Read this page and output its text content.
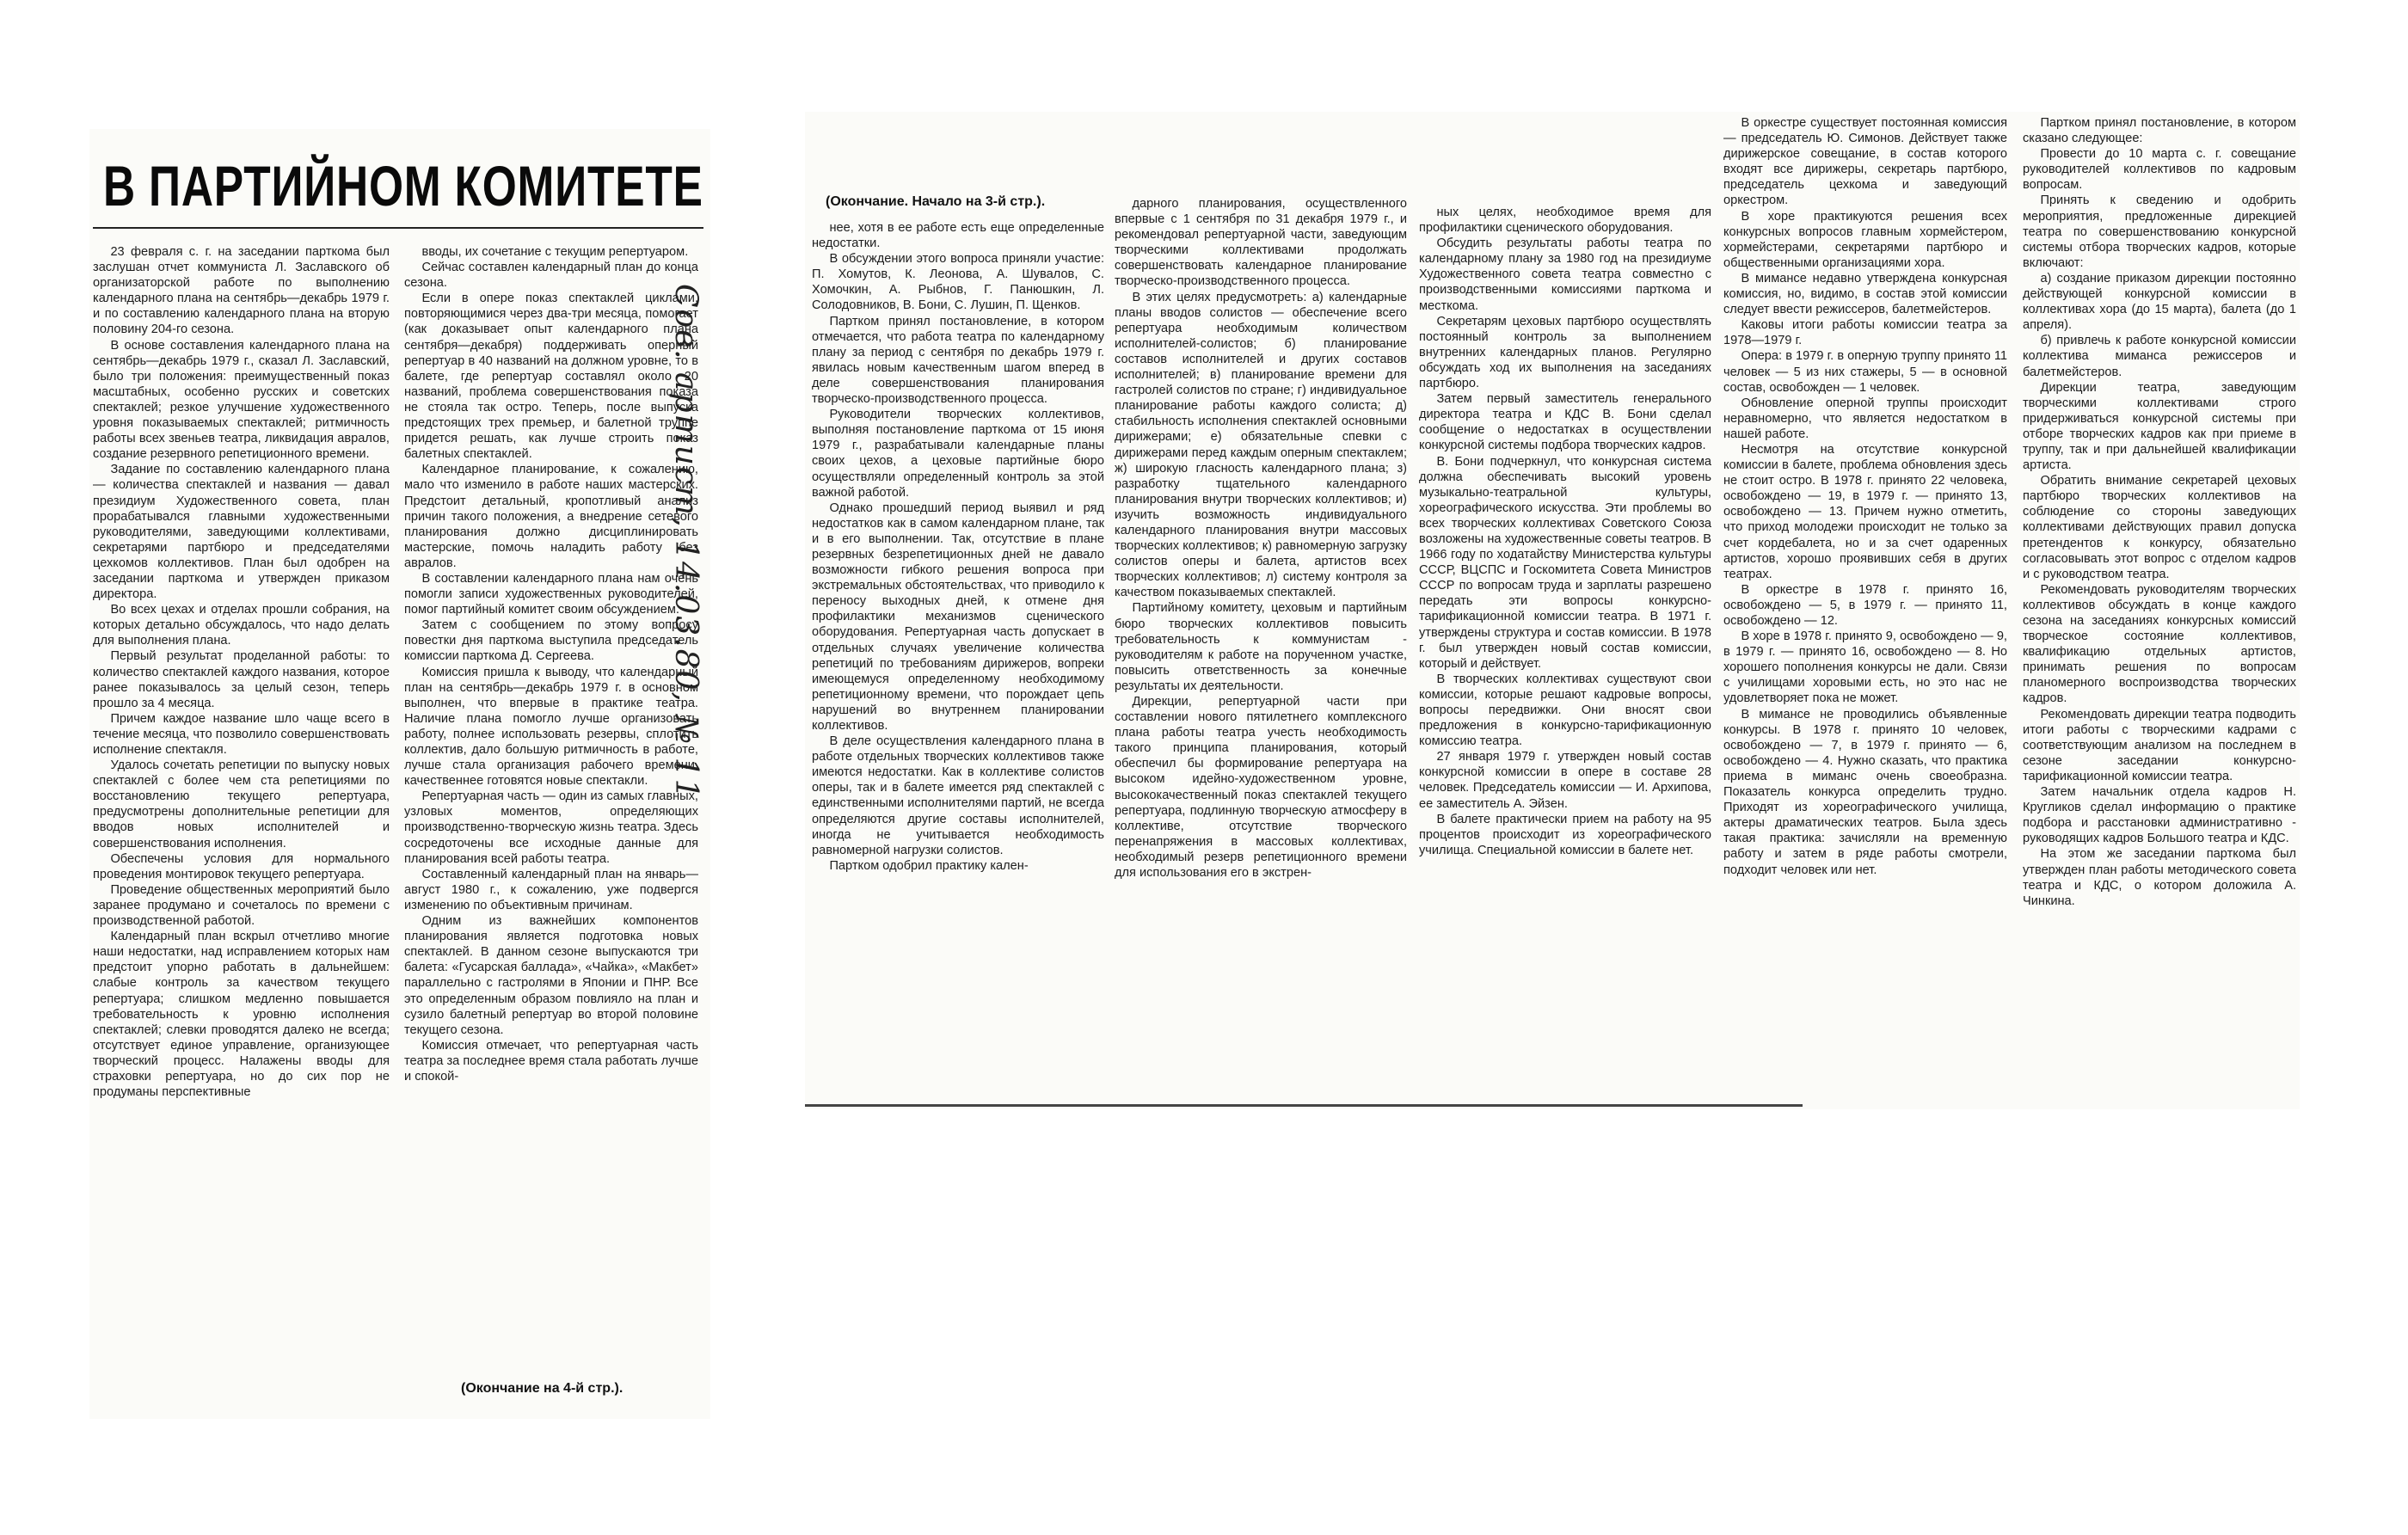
В ПАРТИЙНОМ КОМИТЕТЕ

23 февраля с. г. на заседании парткома был заслушан отчет коммуниста Л. Заславского об организаторской работе по выполнению календарного плана на сентябрь—декабрь 1979 г. и по составлению календарного плана на вторую половину 204-го сезона.

В основе составления календарного плана на сентябрь—декабрь 1979 г., сказал Л. Заславский, было три положения: преимущественный показ масштабных, особенно русских и советских спектаклей; резкое улучшение художественного уровня показываемых спектаклей; ритмичность работы всех звеньев театра, ликвидация авралов, создание резервного репетиционного времени.

Задание по составлению календарного плана — количества спектаклей и названия — давал президиум Художественного совета, план прорабатывался главными художественными руководителями, заведующими коллективами, секретарями партбюро и председателями цехкомов коллективов. План был одобрен на заседании парткома и утвержден приказом директора.

Во всех цехах и отделах прошли собрания, на которых детально обсуждалось, что надо делать для выполнения плана.

Первый результат проделанной работы: то количество спектаклей каждого названия, которое ранее показывалось за целый сезон, теперь прошло за 4 месяца.

Причем каждое название шло чаще всего в течение месяца, что позволило совершенствовать исполнение спектакля.

Удалось сочетать репетиции по выпуску новых спектаклей с более чем ста репетициями по восстановлению текущего репертуара, предусмотрены дополнительные репетиции для вводов новых исполнителей и совершенствования исполнения.

Обеспечены условия для нормального проведения монтировок текущего репертуара.

Проведение общественных мероприятий было заранее продумано и сочеталось по времени с производственной работой.

Календарный план вскрыл отчетливо многие наши недостатки, над исправлением которых нам предстоит упорно работать в дальнейшем: слабые контроль за качеством текущего репертуара; слишком медленно повышается требовательность к уровню исполнения спектаклей; слевки проводятся далеко не всегда; отсутствует единое управление, организующее творческий процесс. Налажены вводы для страховки репертуара, но до сих пор не продуманы перспективные

вводы, их сочетание с текущим репертуаром.

Сейчас составлен календарный план до конца сезона.

Если в опере показ спектаклей циклами, повторяющимися через два-три месяца, помогает (как доказывает опыт календарного плана сентября—декабря) поддерживать оперный репертуар в 40 названий на должном уровне, то в балете, где репертуар составлял около 20 названий, проблема совершенствования показа не стояла так остро. Теперь, после выпуска предстоящих трех премьер, и балетной труппе придется решать, как лучше строить показ балетных спектаклей.

Календарное планирование, к сожалению, мало что изменило в работе наших мастерских. Предстоит детальный, кропотливый анализ причин такого положения, а внедрение сетевого планирования должно дисциплинировать мастерские, помочь наладить работу без авралов.

В составлении календарного плана нам очень помогли записи художественных руководителей, помог партийный комитет своим обсуждением.

Затем с сообщением по этому вопросу повестки дня парткома выступила председатель комиссии парткома Д. Сергеева.

Комиссия пришла к выводу, что календарный план на сентябрь—декабрь 1979 г. в основном выполнен, что впервые в практике театра. Наличие плана помогло лучше организовать работу, полнее использовать резервы, сплотить коллектив, дало большую ритмичность в работе, лучше стала организация рабочего времени, качественнее готовятся новые спектакли.

Репертуарная часть — один из самых главных, узловых моментов, определяющих производственно-творческую жизнь театра. Здесь сосредоточены все исходные данные для планирования всей работы театра.

Составленный календарный план на январь—август 1980 г., к сожалению, уже подвергся изменению по объективным причинам.

Одним из важнейших компонентов планирования является подготовка новых спектаклей. В данном сезоне выпускаются три балета: «Гусарская баллада», «Чайка», «Макбет» параллельно с гастролями в Японии и ПНР. Все это определенным образом повлияло на план и сузило балетный репертуар во второй половине текущего сезона.

Комиссия отмечает, что репертуарная часть театра за последнее время стала работать лучше и спокой-

(Окончание на 4-й стр.).
Сов. артист, 14.03.80, № 11
(Окончание. Начало на 3-й стр.).

нее, хотя в ее работе есть еще определенные недостатки.

В обсуждении этого вопроса приняли участие: П. Хомутов, К. Леонова, А. Шувалов, С. Хомочкин, А. Рыбнов, Г. Панюшкин, Л. Солодовников, В. Бони, С. Лушин, П. Щенков.

Партком принял постановление, в котором отмечается, что работа театра по календарному плану за период с сентября по декабрь 1979 г. явилась новым качественным шагом вперед в деле совершенствования планирования творческо-производственного процесса.

Руководители творческих коллективов, выполняя постановление парткома от 15 июня 1979 г., разрабатывали календарные планы своих цехов, а цеховые партийные бюро осуществляли определенный контроль за этой важной работой.

Однако прошедший период выявил и ряд недостатков как в самом календарном плане, так и в его выполнении. Так, отсутствие в плане резервных безрепетиционных дней не давало возможности гибкого решения вопроса при экстремальных обстоятельствах, что приводило к переносу выходных дней, к отмене дня профилактики механизмов сценического оборудования. Репертуарная часть допускает в отдельных случаях увеличение количества репетиций по требованиям дирижеров, вопреки имеющемуся определенному необходимому репетиционному времени, что порождает цепь нарушений во внутреннем планировании коллективов.

В деле осуществления календарного плана в работе отдельных творческих коллективов также имеются недостатки. Как в коллективе солистов оперы, так и в балете имеется ряд спектаклей с единственными исполнителями партий, не всегда определяются другие составы исполнителей, иногда не учитывается необходимость равномерной нагрузки солистов.

Партком одобрил практику кален-

дарного планирования, осуществленного впервые с 1 сентября по 31 декабря 1979 г., и рекомендовал репертуарной части, заведующим творческими коллективами продолжать совершенствовать календарное планирование творческо-производственного процесса.

В этих целях предусмотреть: а) календарные планы вводов солистов — обеспечение всего репертуара необходимым количеством исполнителей-солистов; б) планирование составов исполнителей и других составов исполнителей; в) планирование времени для гастролей солистов по стране; г) индивидуальное планирование работы каждого солиста; д) стабильность исполнения спектаклей основными дирижерами; е) обязательные спевки с дирижерами перед каждым оперным спектаклем; ж) широкую гласность календарного плана; з) разработку тщательного календарного планирования внутри творческих коллективов; и) изучить возможность индивидуального календарного планирования внутри массовых творческих коллективов; к) равномерную загрузку солистов оперы и балета, артистов всех творческих коллективов; л) систему контроля за качеством показываемых спектаклей.

Партийному комитету, цеховым и партийным бюро творческих коллективов повысить требовательность к коммунистам - руководителям к работе на порученном участке, повысить ответственность за конечные результаты их деятельности.

Дирекции, репертуарной части при составлении нового пятилетнего комплексного плана работы театра учесть необходимость такого принципа планирования, который обеспечил бы формирование репертуара на высоком идейно-художественном уровне, высококачественный показ спектаклей текущего репертуара, подлинную творческую атмосферу в коллективе, отсутствие творческого перенапряжения в массовых коллективах, необходимый резерв репетиционного времени для использования его в экстрен-

ных целях, необходимое время для профилактики сценического оборудования.

Обсудить результаты работы театра по календарному плану за 1980 год на президиуме Художественного совета театра совместно с производственными комиссиями парткома и месткома.

Секретарям цеховых партбюро осуществлять постоянный контроль за выполнением внутренних календарных планов. Регулярно обсуждать ход их выполнения на заседаниях партбюро.

Затем первый заместитель генерального директора театра и КДС В. Бони сделал сообщение о недостатках в осуществлении конкурсной системы подбора творческих кадров.

В. Бони подчеркнул, что конкурсная система должна обеспечивать высокий уровень музыкально-театральной культуры, хореографического искусства. Эти проблемы во всех творческих коллективах Советского Союза возложены на художественные советы театров. В 1966 году по ходатайству Министерства культуры СССР, ВЦСПС и Госкомитета Совета Министров СССР по вопросам труда и зарплаты разрешено передать эти вопросы конкурсно-тарификационной комиссии театра. В 1971 г. утверждены структура и состав комиссии. В 1978 г. был утвержден новый состав комиссии, который и действует.

В творческих коллективах существуют свои комиссии, которые решают кадровые вопросы, вопросы передвижки. Они вносят свои предложения в конкурсно-тарификационную комиссию театра.

27 января 1979 г. утвержден новый состав конкурсной комиссии в опере в составе 28 человек. Председатель комиссии — И. Архипова, ее заместитель А. Эйзен.

В балете практически прием на работу на 95 процентов происходит из хореографического училища. Специальной комиссии в балете нет.

В оркестре существует постоянная комиссия — председатель Ю. Симонов. Действует также дирижерское совещание, в состав которого входят все дирижеры, секретарь партбюро, председатель цехкома и заведующий оркестром.

В хоре практикуются решения всех конкурсных вопросов главным хормейстером, хормейстерами, секретарями партбюро и общественными организациями хора.

В мимансе недавно утверждена конкурсная комиссия, но, видимо, в состав этой комиссии следует ввести режиссеров, балетмейстеров.

Каковы итоги работы комиссии театра за 1978—1979 г.

Опера: в 1979 г. в оперную труппу принято 11 человек — 5 из них стажеры, 5 — в основной состав, освобожден — 1 человек.

Обновление оперной труппы происходит неравномерно, что является недостатком в нашей работе.

Несмотря на отсутствие конкурсной комиссии в балете, проблема обновления здесь не стоит остро. В 1978 г. принято 22 человека, освобождено — 19, в 1979 г. — принято 13, освобождено — 13. Причем нужно отметить, что приход молодежи происходит не только за счет кордебалета, но и за счет одаренных артистов, хорошо проявивших себя в других театрах.

В оркестре в 1978 г. принято 16, освобождено — 5, в 1979 г. — принято 11, освобождено — 12.

В хоре в 1978 г. принято 9, освобождено — 9, в 1979 г. — принято 16, освобождено — 8. Но хорошего пополнения конкурсы не дали. Связи с училищами хоровыми есть, но это нас не удовлетворяет пока не может.

В мимансе не проводились объявленные конкурсы. В 1978 г. принято 10 человек, освобождено — 7, в 1979 г. принято — 6, освобождено — 4. Нужно сказать, что практика приема в миманс очень своеобразна. Показатель конкурса определить трудно. Приходят из хореографического училища, актеры драматических театров. Была здесь такая практика: зачисляли на временную работу и затем в ряде работы смотрели, подходит человек или нет.

Партком принял постановление, в котором сказано следующее:

Провести до 10 марта с. г. совещание руководителей коллективов по кадровым вопросам.

Принять к сведению и одобрить мероприятия, предложенные дирекцией театра по совершенствованию конкурсной системы отбора творческих кадров, которые включают:

а) создание приказом дирекции постоянно действующей конкурсной комиссии в коллективах хора (до 15 марта), балета (до 1 апреля).

б) привлечь к работе конкурсной комиссии коллектива миманса режиссеров и балетмейстеров.

Дирекции театра, заведующим творческими коллективами строго придерживаться конкурсной системы при отборе творческих кадров как при приеме в труппу, так и при дальнейшей квалификации артиста.

Обратить внимание секретарей цеховых партбюро творческих коллективов на соблюдение со стороны заведующих коллективами действующих правил допуска претендентов к конкурсу, обязательно согласовывать этот вопрос с отделом кадров и с руководством театра.

Рекомендовать руководителям творческих коллективов обсуждать в конце каждого сезона на заседаниях конкурсных комиссий творческое состояние коллективов, квалификацию отдельных артистов, принимать решения по вопросам планомерного воспроизводства творческих кадров.

Рекомендовать дирекции театра подводить итоги работы с творческими кадрами с соответствующим анализом на последнем в сезоне заседании конкурсно-тарификационной комиссии театра.

Затем начальник отдела кадров Н. Кругликов сделал информацию о практике подбора и расстановки административно - руководящих кадров Большого театра и КДС.

На этом же заседании парткома был утвержден план работы методического совета театра и КДС, о котором доложила А. Чинкина.
